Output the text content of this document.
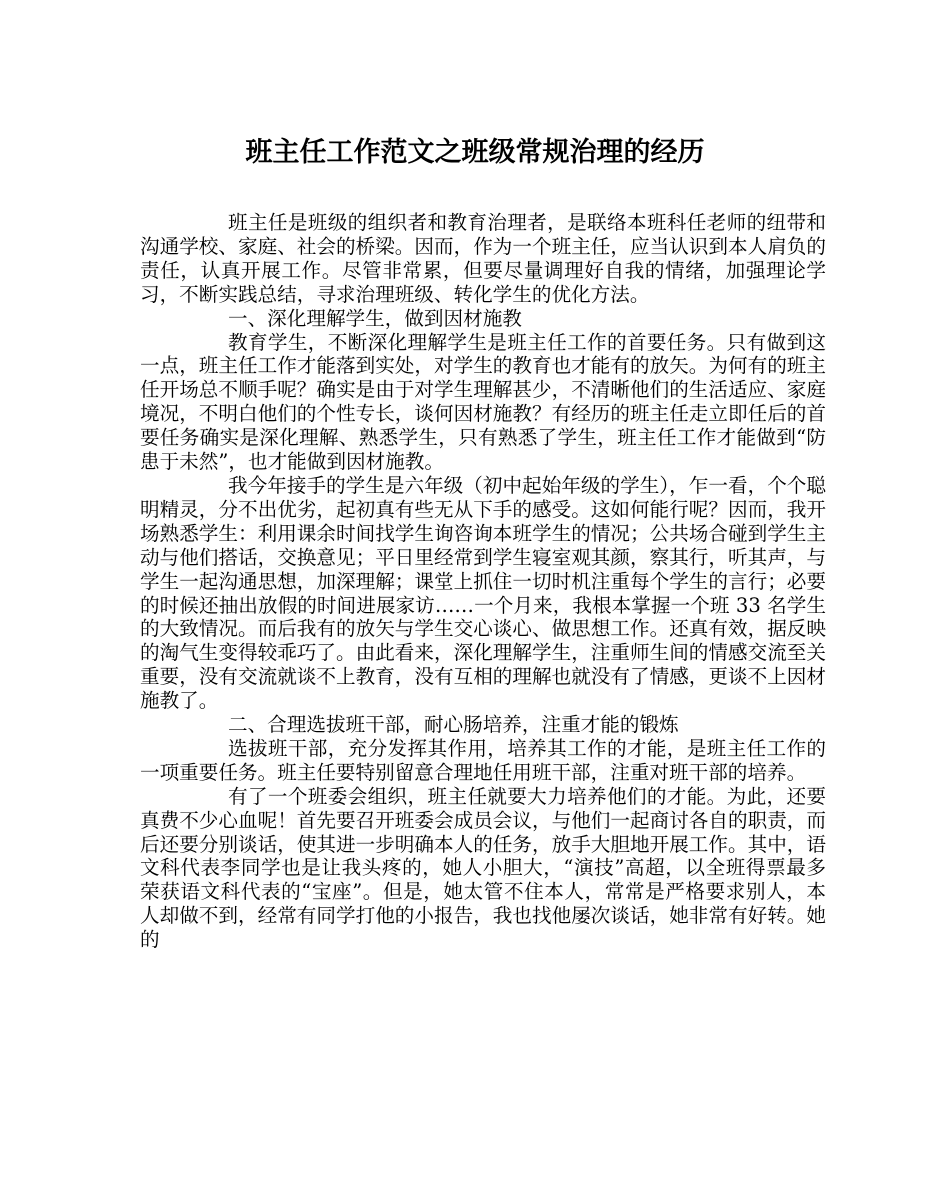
班主任工作范文之班级常规治理的经历

班主任是班级的组织者和教育治理者，是联络本班科任老师的纽带和沟通学校、家庭、社会的桥梁。因而，作为一个班主任，应当认识到本人肩负的责任，认真开展工作。尽管非常累，但要尽量调理好自我的情绪，加强理论学习，不断实践总结，寻求治理班级、转化学生的优化方法。

一、深化理解学生，做到因材施教

教育学生，不断深化理解学生是班主任工作的首要任务。只有做到这一点，班主任工作才能落到实处，对学生的教育也才能有的放矢。为何有的班主任开场总不顺手呢？确实是由于对学生理解甚少，不清晰他们的生活适应、家庭境况，不明白他们的个性专长，谈何因材施教？有经历的班主任走立即任后的首要任务确实是深化理解、熟悉学生，只有熟悉了学生，班主任工作才能做到“防患于未然”，也才能做到因材施教。

我今年接手的学生是六年级（初中起始年级的学生），乍一看，个个聪明精灵，分不出优劣，起初真有些无从下手的感受。这如何能行呢？因而，我开场熟悉学生：利用课余时间找学生询咨询本班学生的情况；公共场合碰到学生主动与他们搭话，交换意见；平日里经常到学生寝室观其颜，察其行，听其声，与学生一起沟通思想，加深理解；课堂上抓住一切时机注重每个学生的言行；必要的时候还抽出放假的时间进展家访……一个月来，我根本掌握一个班 33 名学生的大致情况。而后我有的放矢与学生交心谈心、做思想工作。还真有效，据反映的淘气生变得较乖巧了。由此看来，深化理解学生，注重师生间的情感交流至关重要，没有交流就谈不上教育，没有互相的理解也就没有了情感，更谈不上因材施教了。

二、合理选拔班干部，耐心肠培养，注重才能的锻炼

选拔班干部，充分发挥其作用，培养其工作的才能，是班主任工作的一项重要任务。班主任要特别留意合理地任用班干部，注重对班干部的培养。

有了一个班委会组织，班主任就要大力培养他们的才能。为此，还要真费不少心血呢！首先要召开班委会成员会议，与他们一起商讨各自的职责，而后还要分别谈话，使其进一步明确本人的任务，放手大胆地开展工作。其中，语文科代表李同学也是让我头疼的，她人小胆大，“演技”高超，以全班得票最多荣获语文科代表的“宝座”。但是，她太管不住本人，常常是严格要求别人，本人却做不到，经常有同学打他的小报告，我也找他屡次谈话，她非常有好转。她的
